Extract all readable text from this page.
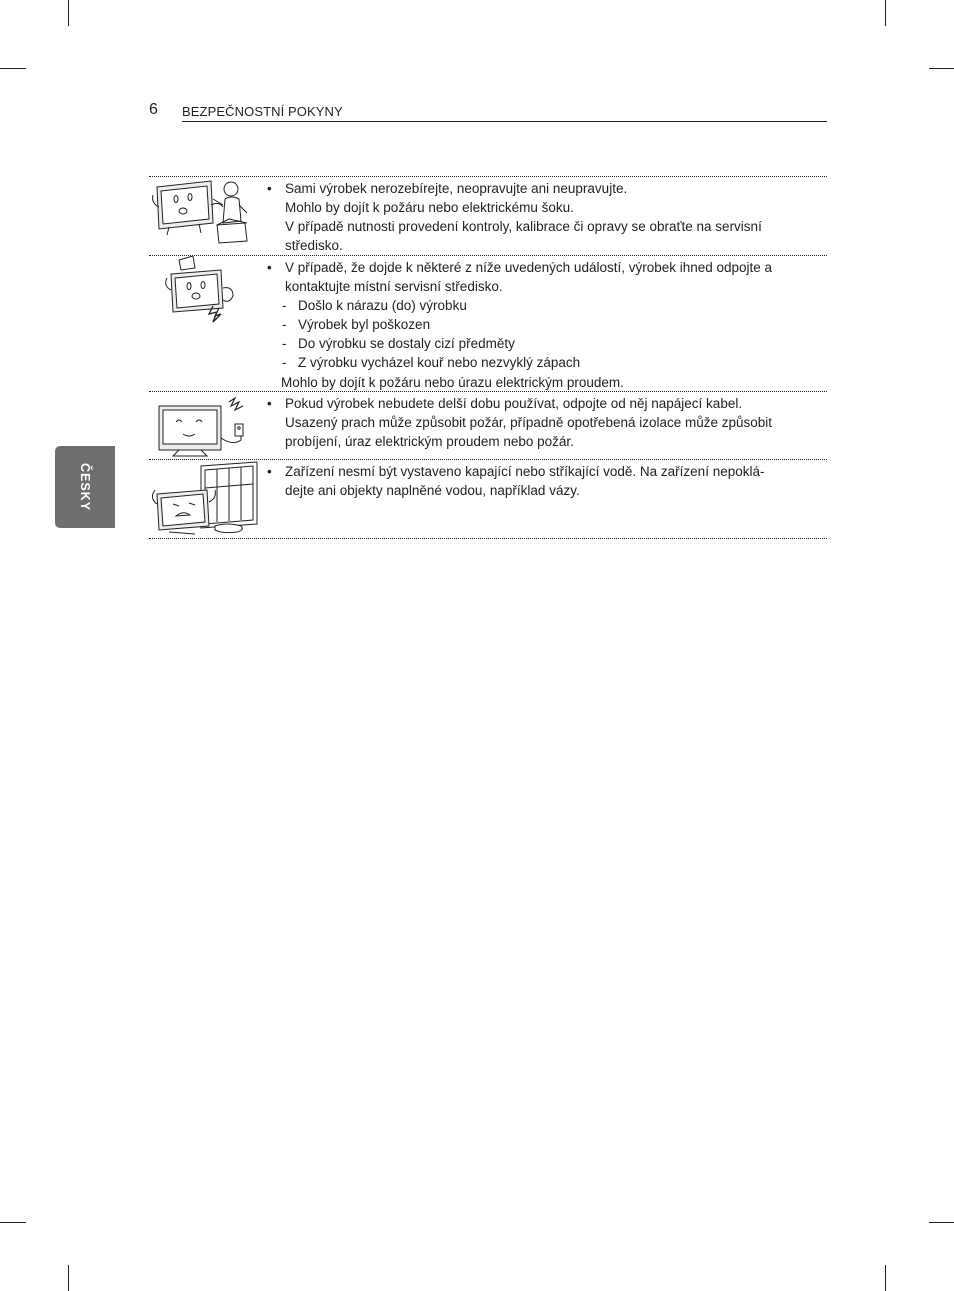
6 BEZPEČNOSTNÍ POKYNY
ČESKY
• Sami výrobek nerozebírejte, neopravujte ani neupravujte.
Mohlo by dojít k požáru nebo elektrickému šoku.
V případě nutnosti provedení kontroly, kalibrace či opravy se obraťte na servisní
středisko.
• V případě, že dojde k některé z níže uvedených událostí, výrobek ihned odpojte a
kontaktujte místní servisní středisko.
- Došlo k nárazu (do) výrobku
- Výrobek byl poškozen
- Do výrobku se dostaly cizí předměty
- Z výrobku vycházel kouř nebo nezvyklý zápach
Mohlo by dojít k požáru nebo úrazu elektrickým proudem.
• Pokud výrobek nebudete delší dobu používat, odpojte od něj napájecí kabel.
Usazený prach může způsobit požár, případně opotřebená izolace může způsobit
probíjení, úraz elektrickým proudem nebo požár.
• Zařízení nesmí být vystaveno kapající nebo stříkající vodě. Na zařízení nepoklá-
dejte ani objekty naplněné vodou, například vázy.
